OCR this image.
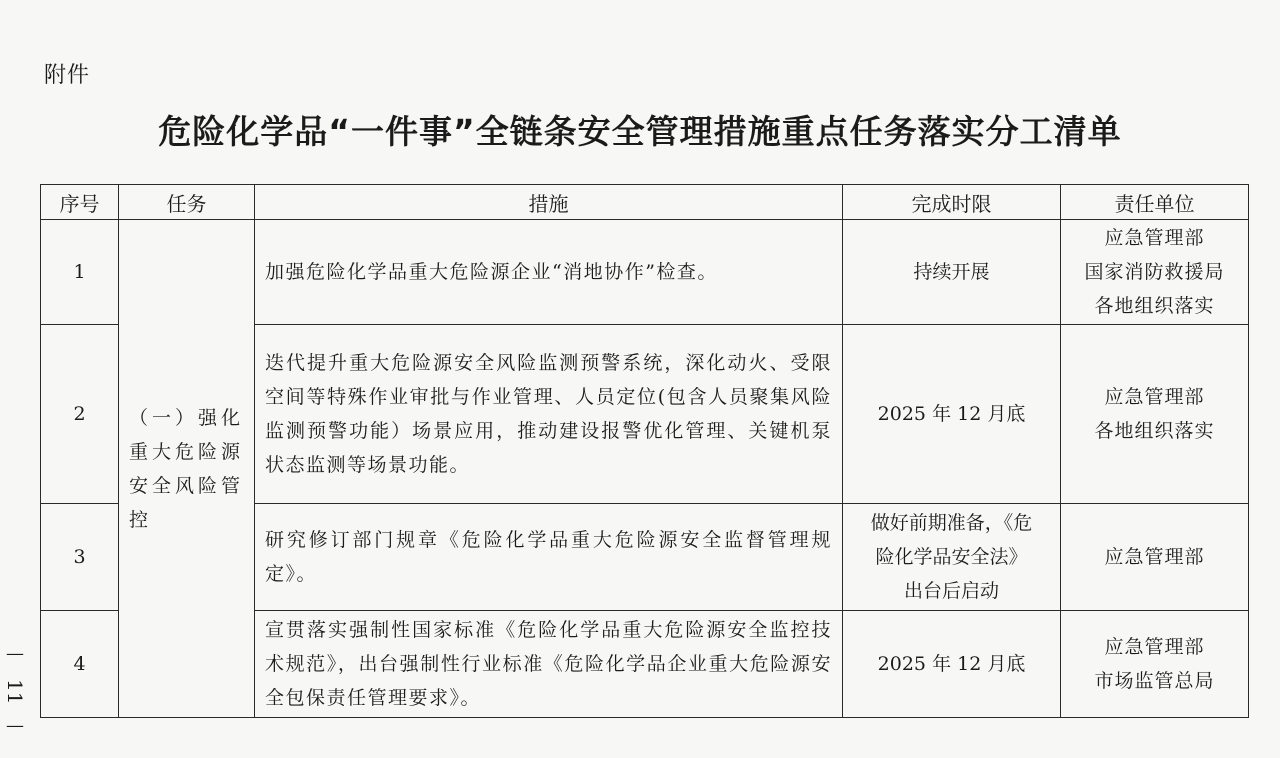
附件
危险化学品“一件事”全链条安全管理措施重点任务落实分工清单
序号	任务	措施	完成时限	责任单位
1	（一）强化重大危险源安全风险管控	加强危险化学品重大危险源企业“消地协作”检查。	持续开展	应急管理部
国家消防救援局
各地组织落实

2		迭代提升重大危险源安全风险监测预警系统，深化动火、受限空间等特殊作业审批与作业管理、人员定位(包含人员聚集风险监测预警功能）场景应用，推动建设报警优化管理、关键机泵状态监测等场景功能。	2025 年 12 月底	应急管理部
各地组织落实

3		研究修订部门规章《危险化学品重大危险源安全监督管理规定》。	做好前期准备，《危
险化学品安全法》
出台后启动	应急管理部

4		宣贯落实强制性国家标准《危险化学品重大危险源安全监控技术规范》，出台强制性行业标准《危险化学品企业重大危险源安全包保责任管理要求》。	2025 年 12 月底	应急管理部
市场监管总局
—
11
—
